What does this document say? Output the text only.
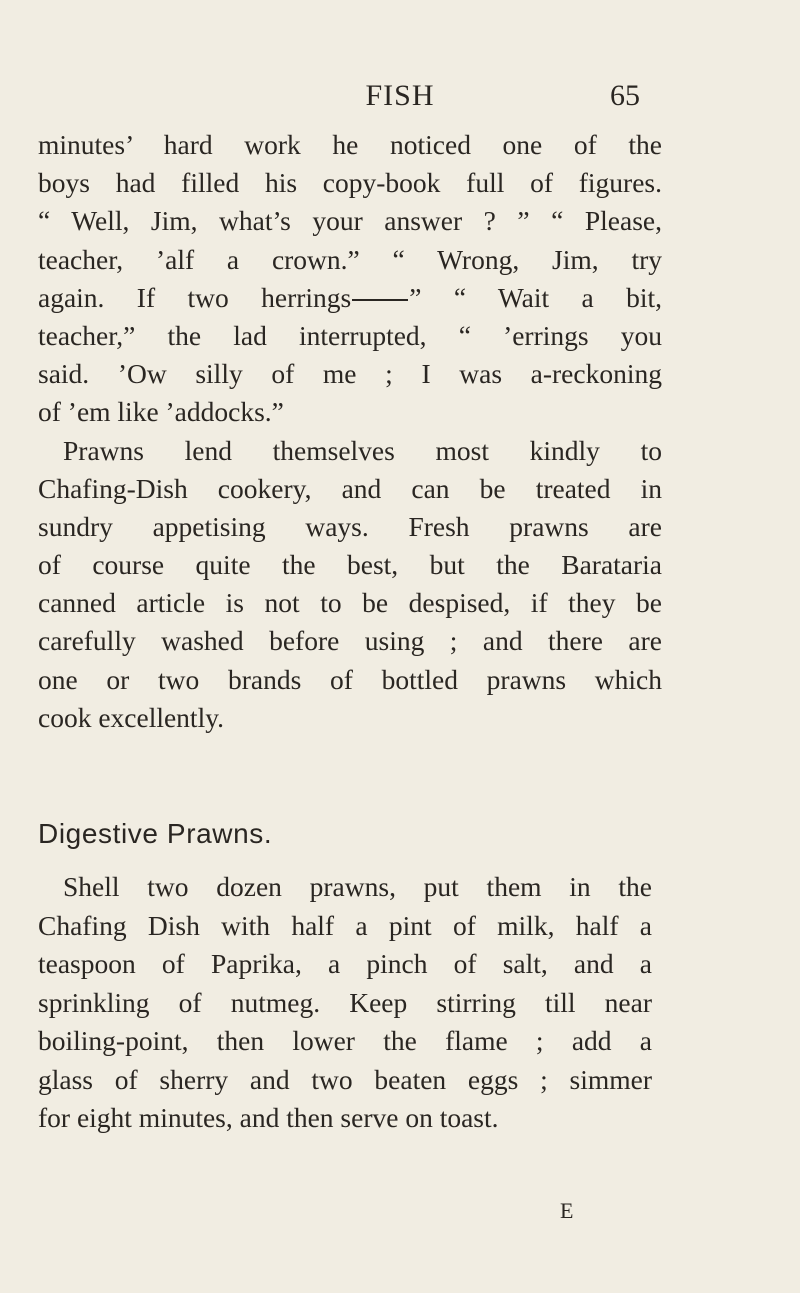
FISH	65
minutes’ hard work he noticed one of the
boys had filled his copy-book full of figures.
“ Well, Jim, what’s your answer ? ” “ Please,
teacher, ’alf a crown.” “ Wrong, Jim, try
again. If two herrings ” “ Wait a bit,
teacher,” the lad interrupted, “ ’errings you
said. ’Ow silly of me ; I was a-reckoning
of ’em like ’addocks.”
Prawns lend themselves most kindly to
Chafing-Dish cookery, and can be treated in
sundry appetising ways. Fresh prawns are
of course quite the best, but the Barataria
canned article is not to be despised, if they be
carefully washed before using ; and there are
one or two brands of bottled prawns which
cook excellently.
Digestive Prawns.
Shell two dozen prawns, put them in the
Chafing Dish with half a pint of milk, half a
teaspoon of Paprika, a pinch of salt, and a
sprinkling of nutmeg. Keep stirring till near
boiling-point, then lower the flame ; add a
glass of sherry and two beaten eggs ; simmer
for eight minutes, and then serve on toast.
E
